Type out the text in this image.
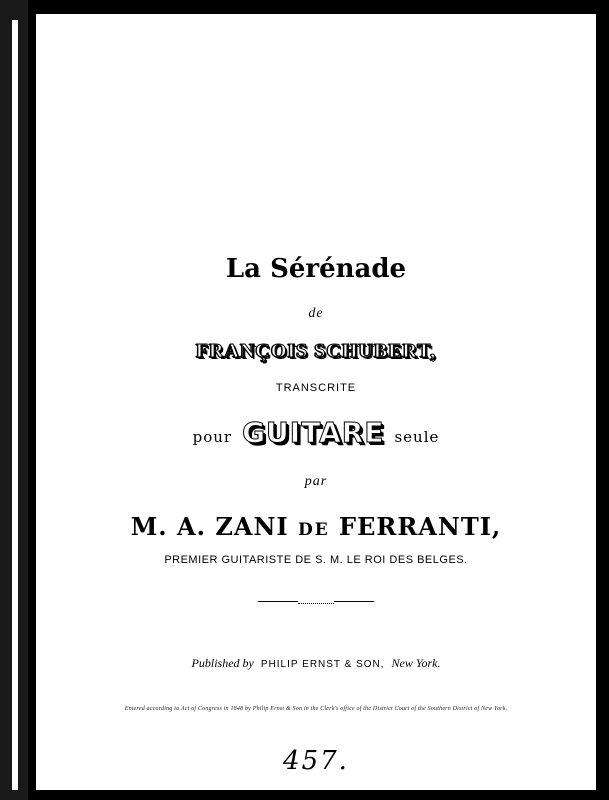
La Sérénade
de
FRANÇOIS SCHUBERT,
TRANSCRITE
pour GUITARE seule
par
M. A. ZANI DE FERRANTI,
PREMIER GUITARISTE DE S. M. LE ROI DES BELGES.
Published by PHILIP ERNST & SON, New York.
Entered according to Act of Congress in 1848 by Philip Ernst & Son in the Clerk's office of the District Court of the Southern District of New York.
457.
